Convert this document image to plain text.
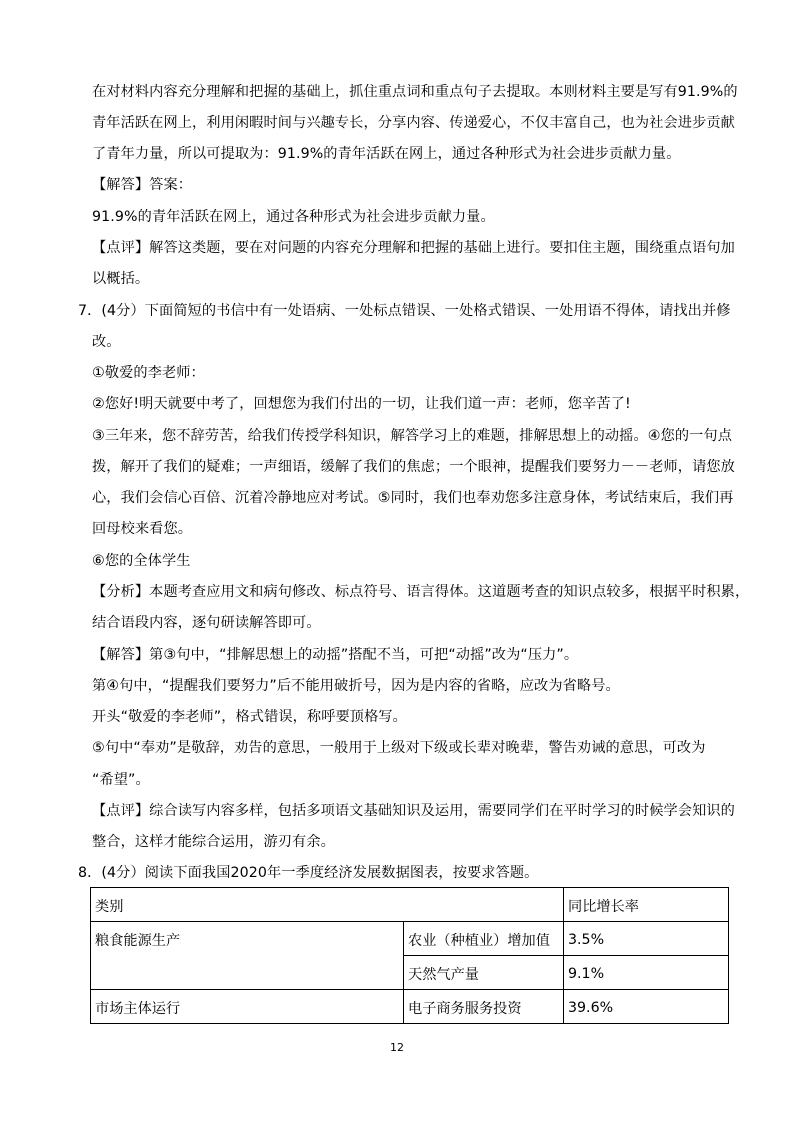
在对材料内容充分理解和把握的基础上，抓住重点词和重点句子去提取。本则材料主要是写有91.9%的
青年活跃在网上，利用闲暇时间与兴趣专长，分享内容、传递爱心，不仅丰富自己，也为社会进步贡献
了青年力量，所以可提取为：91.9%的青年活跃在网上，通过各种形式为社会进步贡献力量。
【解答】答案：
91.9%的青年活跃在网上，通过各种形式为社会进步贡献力量。
【点评】解答这类题，要在对问题的内容充分理解和把握的基础上进行。要扣住主题，围绕重点语句加
以概括。
7．(4分）下面简短的书信中有一处语病、一处标点错误、一处格式错误、一处用语不得体，请找出并修
改。
①敬爱的李老师：
②您好!明天就要中考了，回想您为我们付出的一切，让我们道一声：老师，您辛苦了!
③三年来，您不辞劳苦，给我们传授学科知识，解答学习上的难题，排解思想上的动摇。④您的一句点
拨，解开了我们的疑难；一声细语，缓解了我们的焦虑；一个眼神，提醒我们要努力－－老师，请您放
心，我们会信心百倍、沉着冷静地应对考试。⑤同时，我们也奉劝您多注意身体，考试结束后，我们再
回母校来看您。
⑥您的全体学生
【分析】本题考查应用文和病句修改、标点符号、语言得体。这道题考查的知识点较多，根据平时积累，
结合语段内容，逐句研读解答即可。
【解答】第③句中，“排解思想上的动摇”搭配不当，可把“动摇”改为“压力”。
第④句中，“提醒我们要努力”后不能用破折号，因为是内容的省略，应改为省略号。
开头“敬爱的李老师”，格式错误，称呼要顶格写。
⑤句中“奉劝”是敬辞，劝告的意思，一般用于上级对下级或长辈对晚辈，警告劝诫的意思，可改为
“希望”。
【点评】综合读写内容多样，包括多项语文基础知识及运用，需要同学们在平时学习的时候学会知识的
整合，这样才能综合运用，游刃有余。
8．(4分）阅读下面我国2020年一季度经济发展数据图表，按要求答题。
类别		同比增长率
粮食能源生产	农业（种植业）增加值	3.5%
	天然气产量	9.1%
市场主体运行	电子商务服务投资	39.6%
12
